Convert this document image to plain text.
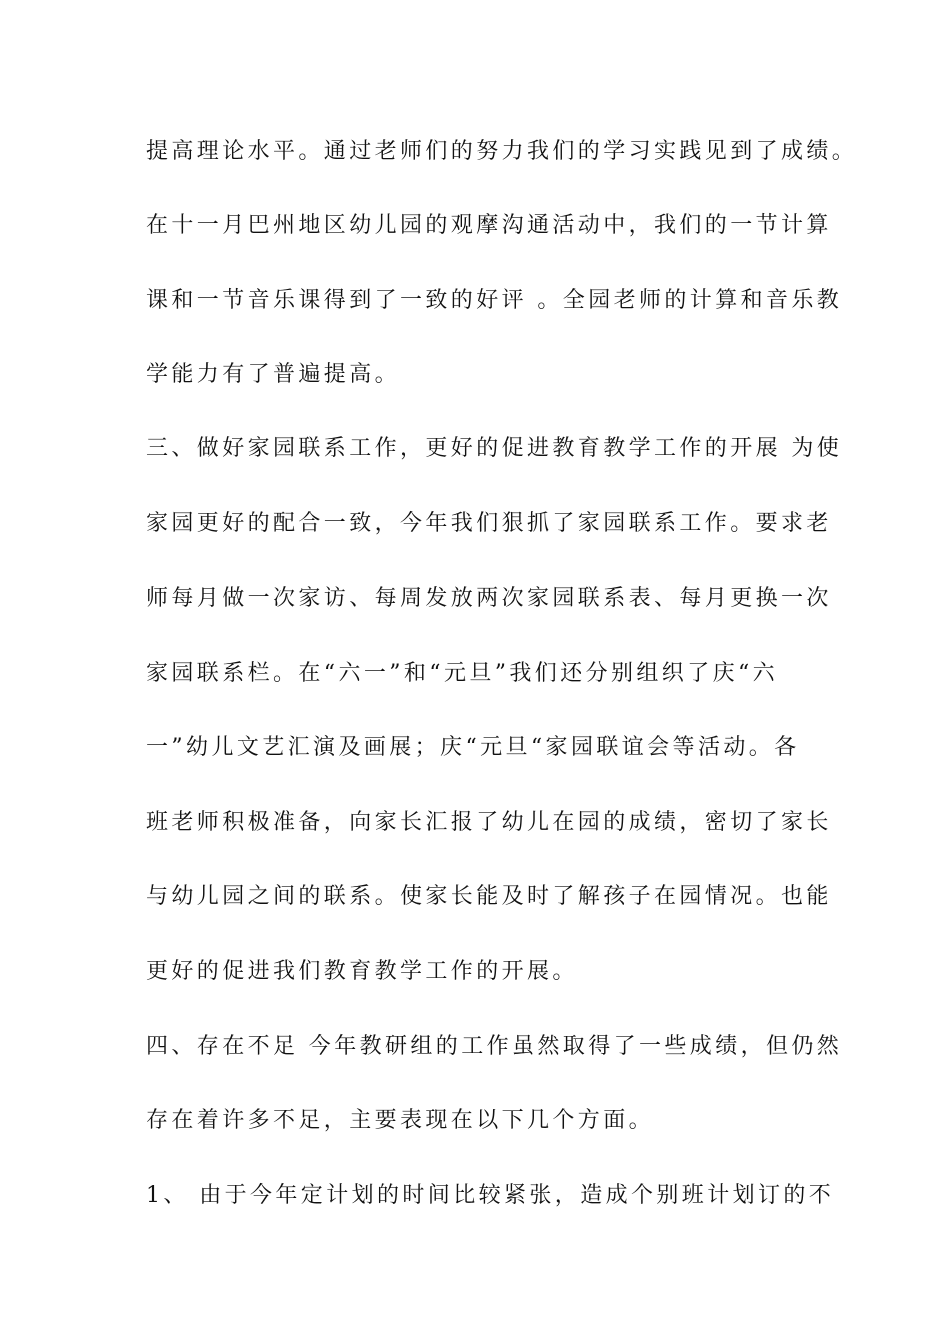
提高理论水平。通过老师们的努力我们的学习实践见到了成绩。
在十一月巴州地区幼儿园的观摩沟通活动中，我们的一节计算
课和一节音乐课得到了一致的好评 。全园老师的计算和音乐教
学能力有了普遍提高。
三、做好家园联系工作，更好的促进教育教学工作的开展 为使
家园更好的配合一致，今年我们狠抓了家园联系工作。要求老
师每月做一次家访、每周发放两次家园联系表、每月更换一次
家园联系栏。在“六一”和“元旦”我们还分别组织了庆“六
一”幼儿文艺汇演及画展；庆“元旦“家园联谊会等活动。各
班老师积极准备，向家长汇报了幼儿在园的成绩，密切了家长
与幼儿园之间的联系。使家长能及时了解孩子在园情况。也能
更好的促进我们教育教学工作的开展。
四、存在不足 今年教研组的工作虽然取得了一些成绩，但仍然
存在着许多不足，主要表现在以下几个方面。
1、 由于今年定计划的时间比较紧张，造成个别班计划订的不
